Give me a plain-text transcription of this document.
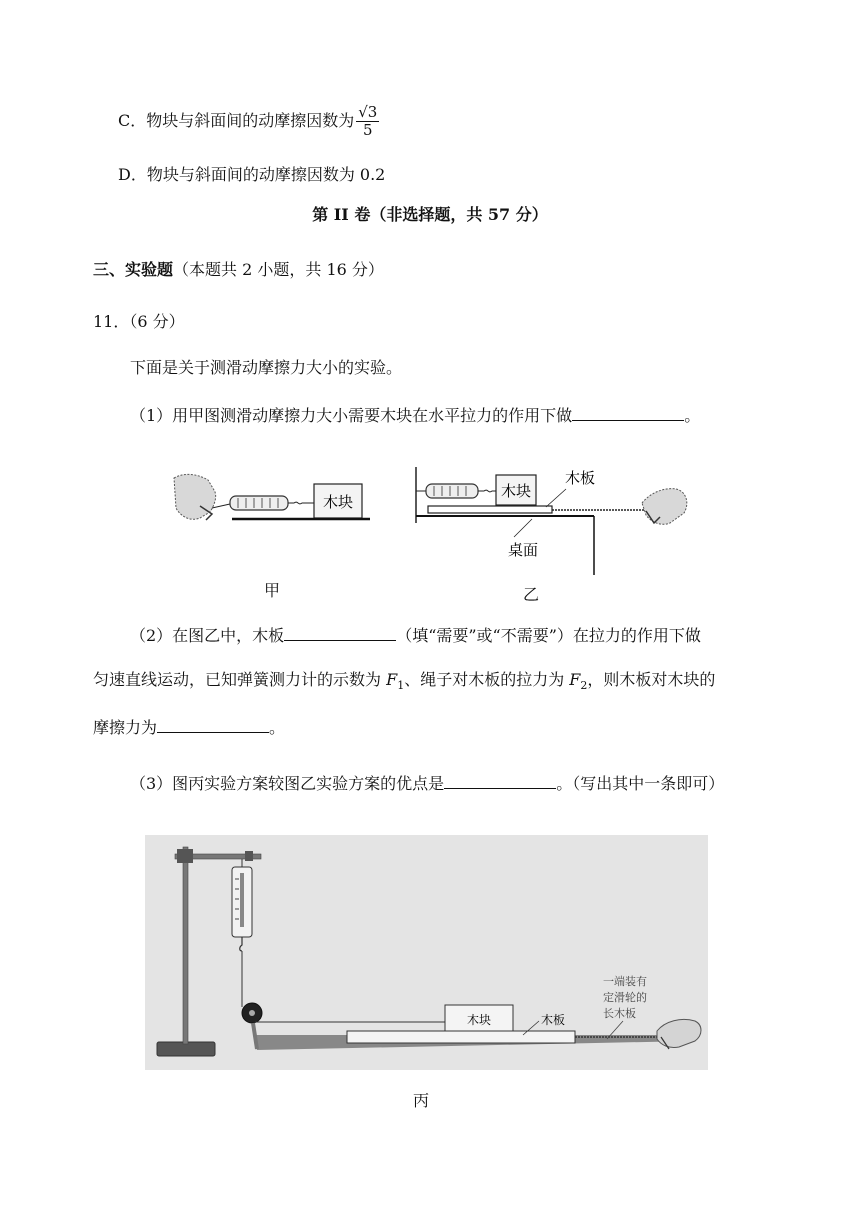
C．物块与斜面间的动摩擦因数为 $\frac{√3}{5}$
D．物块与斜面间的动摩擦因数为 0.2
第 II 卷（非选择题，共 57 分）
三、实验题（本题共 2 小题，共 16 分）
11．（6 分）
下面是关于测滑动摩擦力大小的实验。
（1）用甲图测滑动摩擦力大小需要木块在水平拉力的作用下做	。
木块
甲
木块
木板
桌面
乙
（2）在图乙中，木板	（填“需要”或“不需要”）在拉力的作用下做
匀速直线运动，已知弹簧测力计的示数为 $F_1$、绳子对木板的拉力为 $F_2$，则木板对木块的
摩擦力为	。
（3）图丙实验方案较图乙实验方案的优点是	。（写出其中一条即可）
木块	木板
一端装有
定滑轮的
长木板
丙
